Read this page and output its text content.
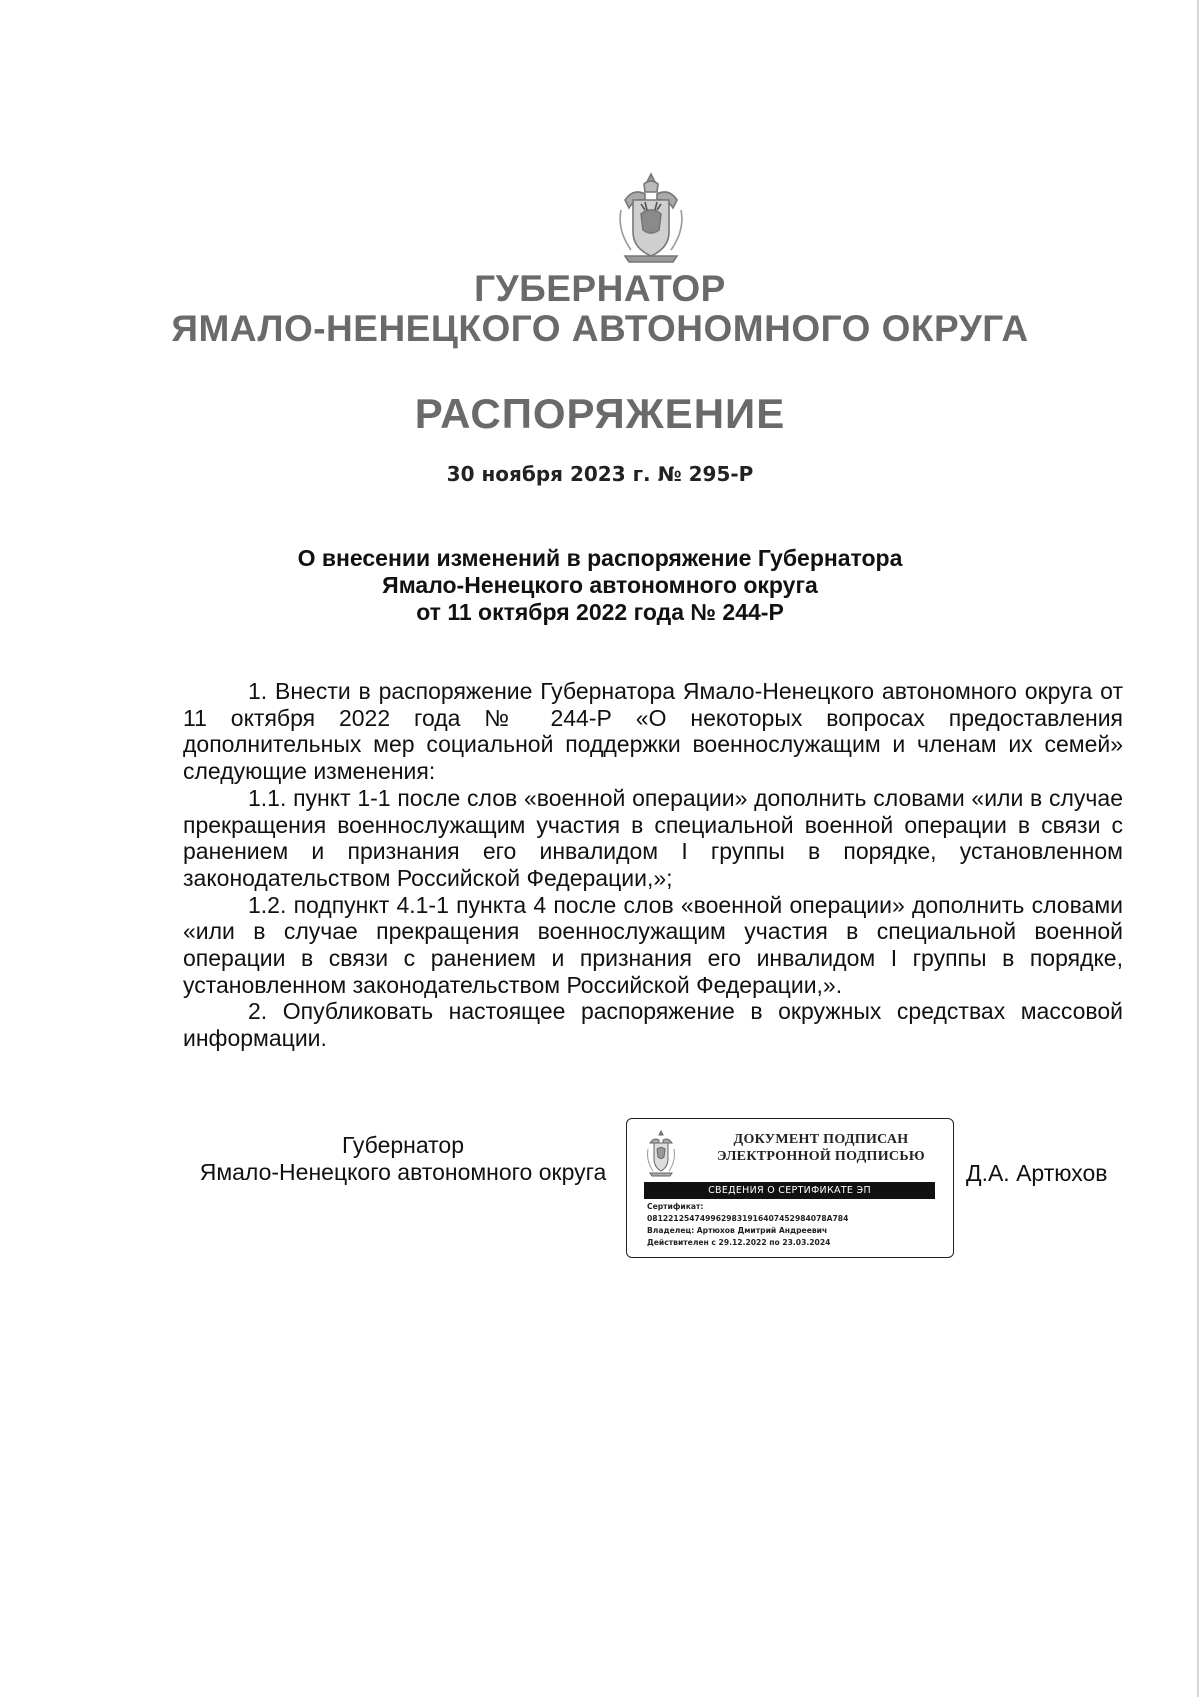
ГУБЕРНАТОР
ЯМАЛО-НЕНЕЦКОГО АВТОНОМНОГО ОКРУГА
РАСПОРЯЖЕНИЕ
30 ноября 2023 г. № 295-Р
О внесении изменений в распоряжение Губернатора
Ямало-Ненецкого автономного округа
от 11 октября 2022 года № 244-Р

1. Внести в распоряжение Губернатора Ямало-Ненецкого автономного округа от 11 октября 2022 года № 244-Р «О некоторых вопросах предоставления дополнительных мер социальной поддержки военнослужащим и членам их семей» следующие изменения:

1.1. пункт 1-1 после слов «военной операции» дополнить словами «или в случае прекращения военнослужащим участия в специальной военной операции в связи с ранением и признания его инвалидом I группы в порядке, установленном законодательством Российской Федерации,»;

1.2. подпункт 4.1-1 пункта 4 после слов «военной операции» дополнить словами «или в случае прекращения военнослужащим участия в специальной военной операции в связи с ранением и признания его инвалидом I группы в порядке, установленном законодательством Российской Федерации,».

2. Опубликовать настоящее распоряжение в окружных средствах массовой информации.

Губернатор
Ямало-Ненецкого автономного округа
ДОКУМЕНТ ПОДПИСАН
ЭЛЕКТРОННОЙ ПОДПИСЬЮ
СВЕДЕНИЯ О СЕРТИФИКАТЕ ЭП
Сертификат:
0812212547499629831916407452984078A784
Владелец: Артюхов Дмитрий Андреевич
Действителен с 29.12.2022 по 23.03.2024
Д.А. Артюхов
